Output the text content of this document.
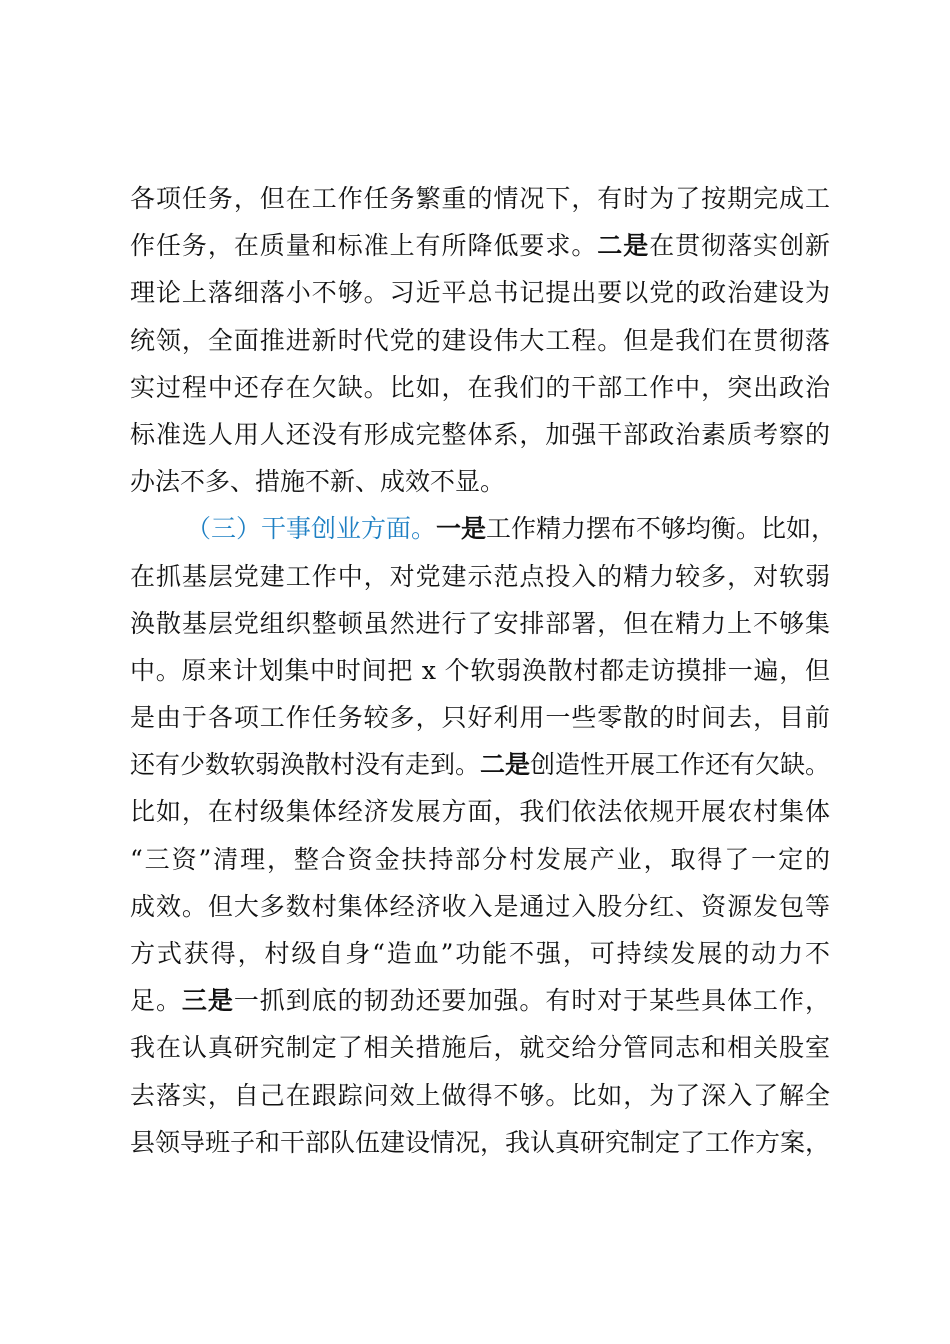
各项任务，但在工作任务繁重的情况下，有时为了按期完成工
作任务，在质量和标准上有所降低要求。二是在贯彻落实创新
理论上落细落小不够。习近平总书记提出要以党的政治建设为
统领，全面推进新时代党的建设伟大工程。但是我们在贯彻落
实过程中还存在欠缺。比如，在我们的干部工作中，突出政治
标准选人用人还没有形成完整体系，加强干部政治素质考察的
办法不多、措施不新、成效不显。
（三）干事创业方面。一是工作精力摆布不够均衡。比如，
在抓基层党建工作中，对党建示范点投入的精力较多，对软弱
涣散基层党组织整顿虽然进行了安排部署，但在精力上不够集
中。原来计划集中时间把 x 个软弱涣散村都走访摸排一遍，但
是由于各项工作任务较多，只好利用一些零散的时间去，目前
还有少数软弱涣散村没有走到。二是创造性开展工作还有欠缺。
比如，在村级集体经济发展方面，我们依法依规开展农村集体
“三资”清理，整合资金扶持部分村发展产业，取得了一定的
成效。但大多数村集体经济收入是通过入股分红、资源发包等
方式获得，村级自身“造血”功能不强，可持续发展的动力不
足。三是一抓到底的韧劲还要加强。有时对于某些具体工作，
我在认真研究制定了相关措施后，就交给分管同志和相关股室
去落实，自己在跟踪问效上做得不够。比如，为了深入了解全
县领导班子和干部队伍建设情况，我认真研究制定了工作方案，
